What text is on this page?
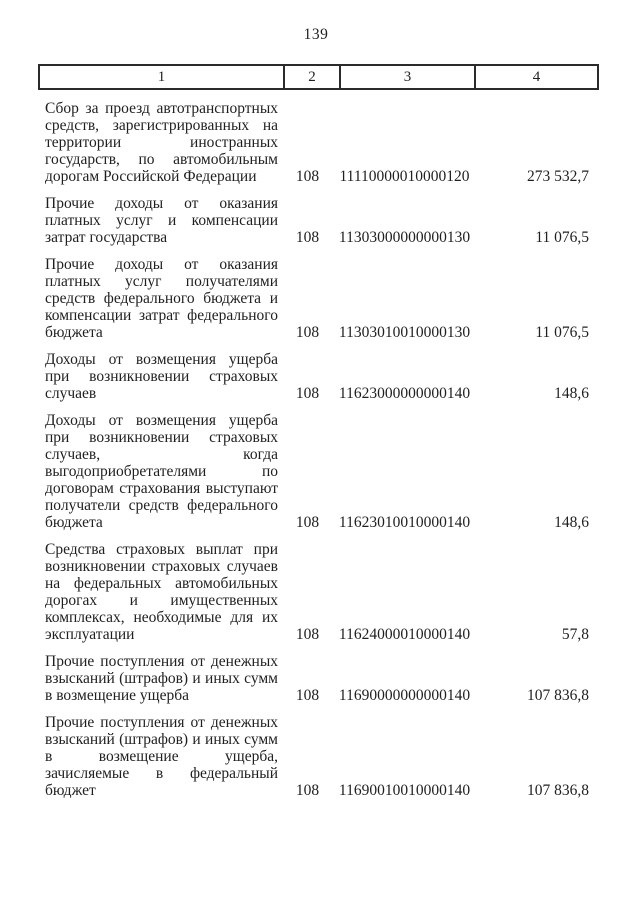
139
1	2	3	4
Сбор за проезд автотранспортных
средств, зарегистрированных на
территории иностранных
государств, по автомобильным
дорогам Российской Федерации	108	11110000010000120	273 532,7
Прочие доходы от оказания
платных услуг и компенсации
затрат государства	108	11303000000000130	11 076,5
Прочие доходы от оказания
платных услуг получателями
средств федерального бюджета и
компенсации затрат федерального
бюджета	108	11303010010000130	11 076,5
Доходы от возмещения ущерба
при возникновении страховых
случаев	108	11623000000000140	148,6
Доходы от возмещения ущерба
при возникновении страховых
случаев, когда
выгодоприобретателями по
договорам страхования выступают
получатели средств федерального
бюджета	108	11623010010000140	148,6
Средства страховых выплат при
возникновении страховых случаев
на федеральных автомобильных
дорогах и имущественных
комплексах, необходимые для их
эксплуатации	108	11624000010000140	57,8
Прочие поступления от денежных
взысканий (штрафов) и иных сумм
в возмещение ущерба	108	11690000000000140	107 836,8
Прочие поступления от денежных
взысканий (штрафов) и иных сумм
в возмещение ущерба,
зачисляемые в федеральный
бюджет	108	11690010010000140	107 836,8
